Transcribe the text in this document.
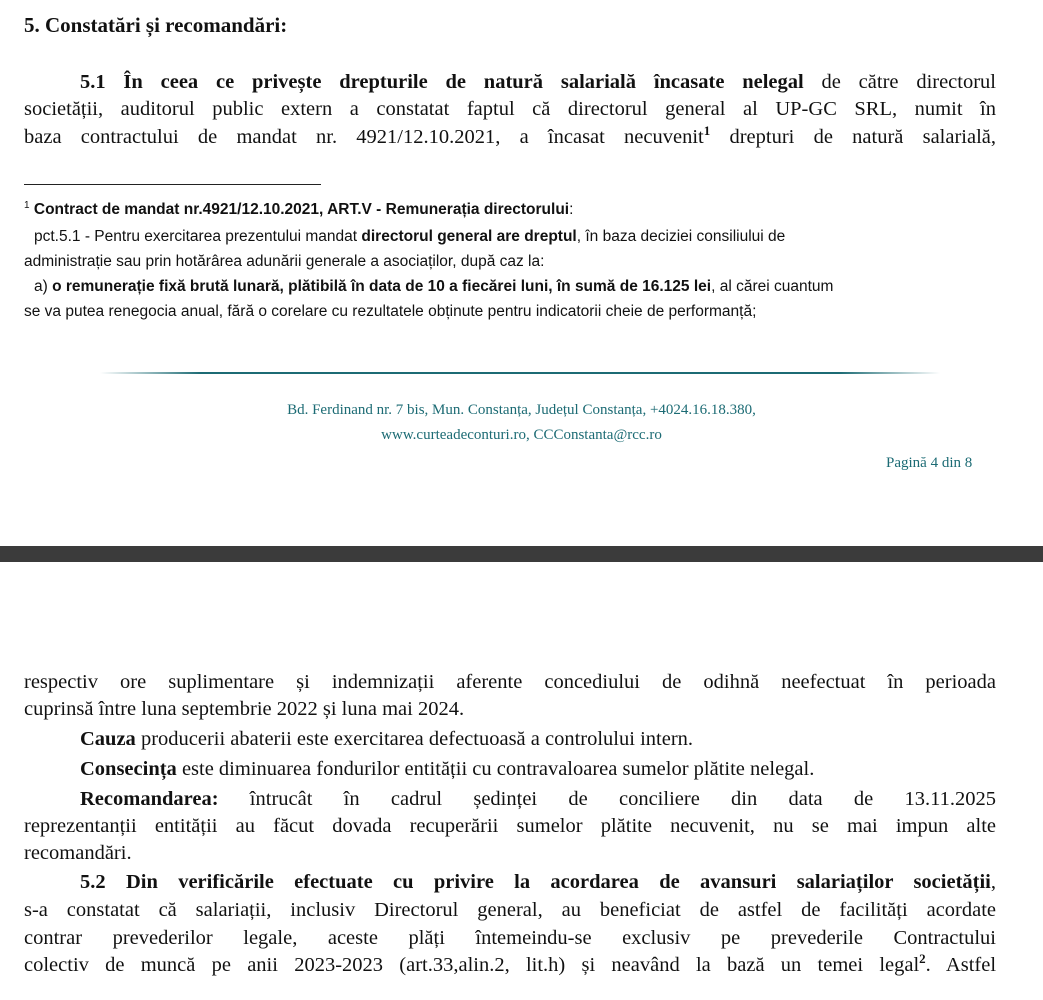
5. Constatări și recomandări:
5.1 În ceea ce privește drepturile de natură salarială încasate nelegal de către directorul
societății, auditorul public extern a constatat faptul că directorul general al UP-GC SRL, numit în
baza contractului de mandat nr. 4921/12.10.2021, a încasat necuvenit$^1$ drepturi de natură salarială,
$^1$ Contract de mandat nr.4921/12.10.2021, ART.V - Remunerația directorului:
pct.5.1 - Pentru exercitarea prezentului mandat directorul general are dreptul, în baza deciziei consiliului de
administrație sau prin hotărârea adunării generale a asociaților, după caz la:
a) o remunerație fixă brută lunară, plătibilă în data de 10 a fiecărei luni, în sumă de 16.125 lei, al cărei cuantum
se va putea renegocia anual, fără o corelare cu rezultatele obținute pentru indicatorii cheie de performanță;
Bd. Ferdinand nr. 7 bis, Mun. Constanța, Județul Constanța, +4024.16.18.380,
www.curteadeconturi.ro, CCConstanta@rcc.ro
Pagină 4 din 8
respectiv ore suplimentare și indemnizații aferente concediului de odihnă neefectuat în perioada
cuprinsă între luna septembrie 2022 și luna mai 2024.
Cauza producerii abaterii este exercitarea defectuoasă a controlului intern.
Consecința este diminuarea fondurilor entității cu contravaloarea sumelor plătite nelegal.
Recomandarea: întrucât în cadrul ședinței de conciliere din data de 13.11.2025
reprezentanții entității au făcut dovada recuperării sumelor plătite necuvenit, nu se mai impun alte
recomandări.
5.2 Din verificările efectuate cu privire la acordarea de avansuri salariaților societății,
s-a constatat că salariații, inclusiv Directorul general, au beneficiat de astfel de facilități acordate
contrar prevederilor legale, aceste plăți întemeindu-se exclusiv pe prevederile Contractului
colectiv de muncă pe anii 2023-2023 (art.33,alin.2, lit.h) și neavând la bază un temei legal$^2$. Astfel
